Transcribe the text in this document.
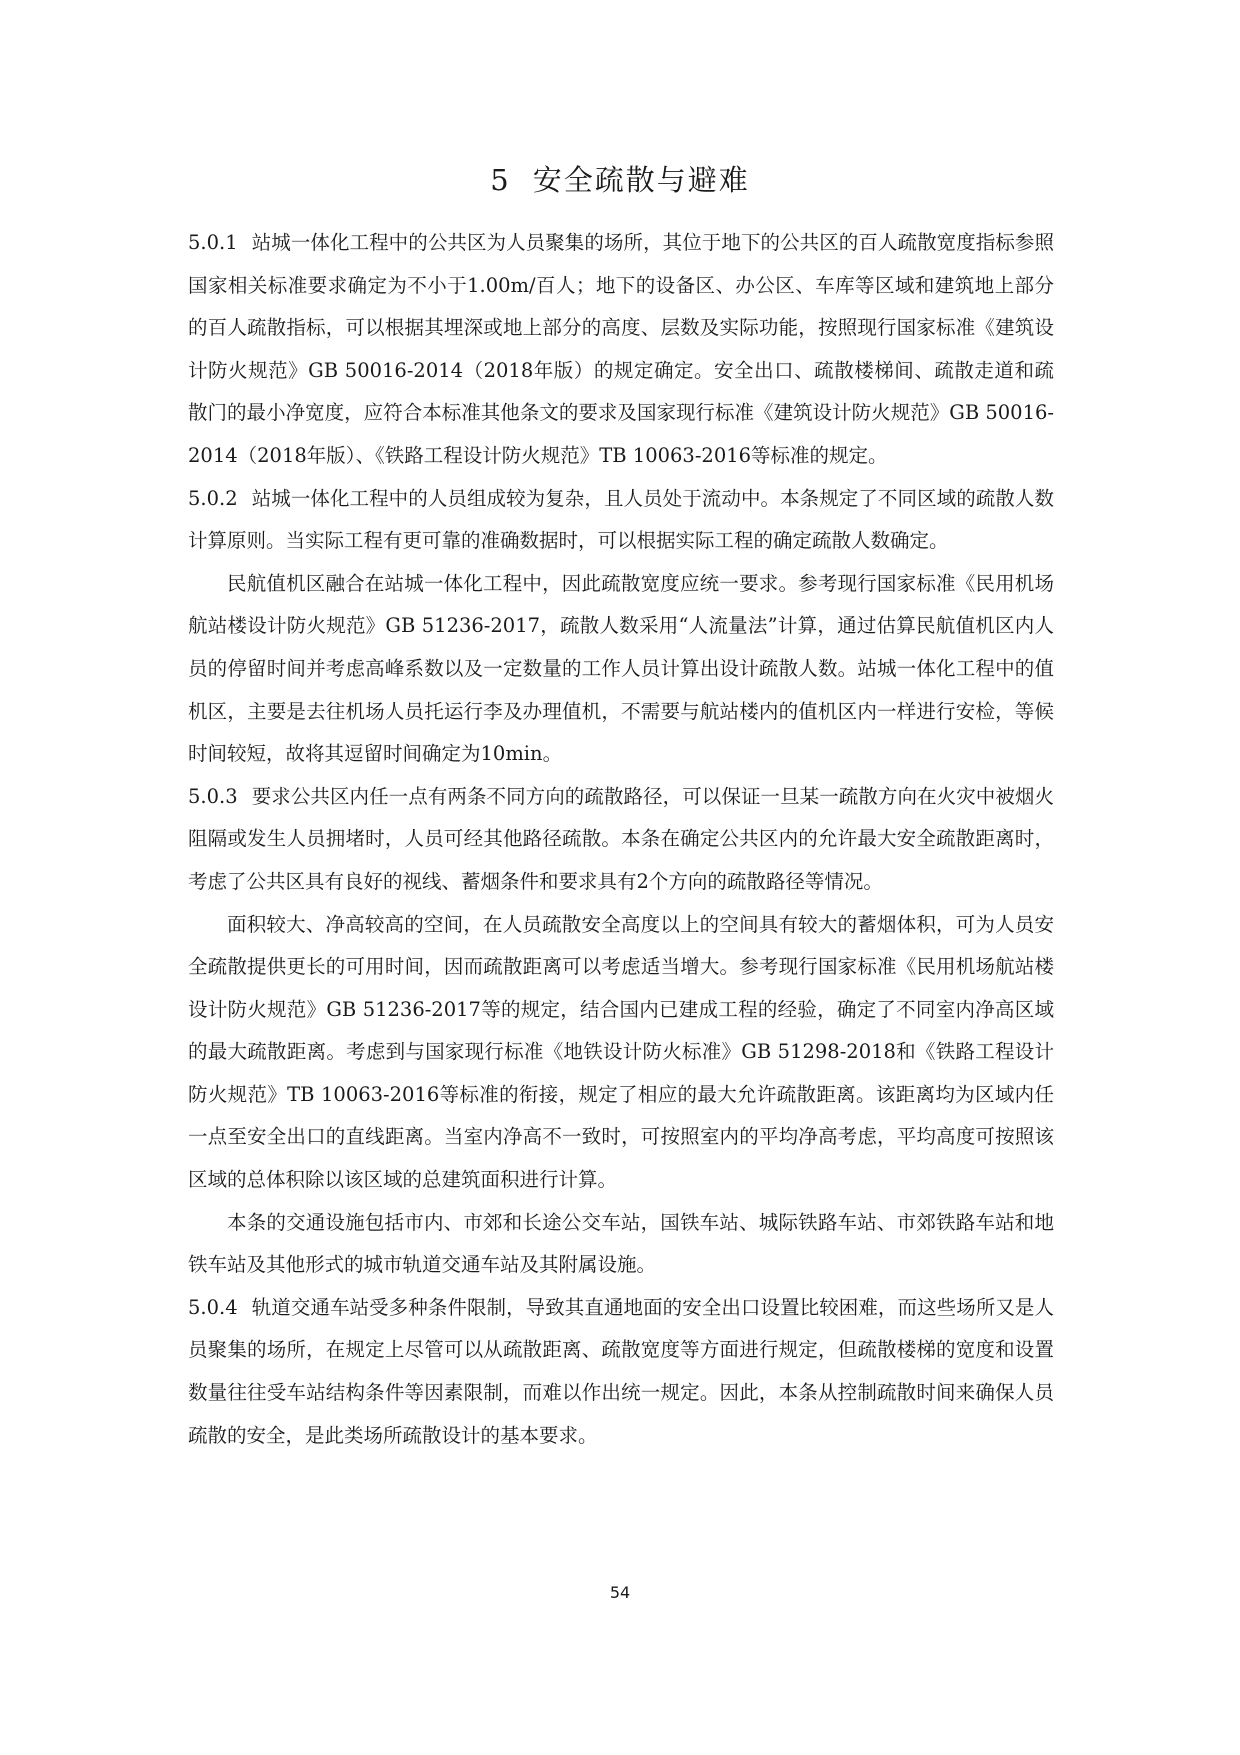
5 安全疏散与避难

5.0.1 站城一体化工程中的公共区为人员聚集的场所，其位于地下的公共区的百人疏散宽度指标参照国家相关标准要求确定为不小于1.00m/百人；地下的设备区、办公区、车库等区域和建筑地上部分的百人疏散指标，可以根据其埋深或地上部分的高度、层数及实际功能，按照现行国家标准《建筑设计防火规范》GB 50016-2014（2018年版）的规定确定。安全出口、疏散楼梯间、疏散走道和疏散门的最小净宽度，应符合本标准其他条文的要求及国家现行标准《建筑设计防火规范》GB 50016-2014（2018年版）、《铁路工程设计防火规范》TB 10063-2016等标准的规定。

5.0.2 站城一体化工程中的人员组成较为复杂，且人员处于流动中。本条规定了不同区域的疏散人数计算原则。当实际工程有更可靠的准确数据时，可以根据实际工程的确定疏散人数确定。

民航值机区融合在站城一体化工程中，因此疏散宽度应统一要求。参考现行国家标准《民用机场航站楼设计防火规范》GB 51236-2017，疏散人数采用“人流量法”计算，通过估算民航值机区内人员的停留时间并考虑高峰系数以及一定数量的工作人员计算出设计疏散人数。站城一体化工程中的值机区，主要是去往机场人员托运行李及办理值机，不需要与航站楼内的值机区内一样进行安检，等候时间较短，故将其逗留时间确定为10min。

5.0.3 要求公共区内任一点有两条不同方向的疏散路径，可以保证一旦某一疏散方向在火灾中被烟火阻隔或发生人员拥堵时，人员可经其他路径疏散。本条在确定公共区内的允许最大安全疏散距离时，考虑了公共区具有良好的视线、蓄烟条件和要求具有2个方向的疏散路径等情况。

面积较大、净高较高的空间，在人员疏散安全高度以上的空间具有较大的蓄烟体积，可为人员安全疏散提供更长的可用时间，因而疏散距离可以考虑适当增大。参考现行国家标准《民用机场航站楼设计防火规范》GB 51236-2017等的规定，结合国内已建成工程的经验，确定了不同室内净高区域的最大疏散距离。考虑到与国家现行标准《地铁设计防火标准》GB 51298-2018和《铁路工程设计防火规范》TB 10063-2016等标准的衔接，规定了相应的最大允许疏散距离。该距离均为区域内任一点至安全出口的直线距离。当室内净高不一致时，可按照室内的平均净高考虑，平均高度可按照该区域的总体积除以该区域的总建筑面积进行计算。

本条的交通设施包括市内、市郊和长途公交车站，国铁车站、城际铁路车站、市郊铁路车站和地铁车站及其他形式的城市轨道交通车站及其附属设施。

5.0.4 轨道交通车站受多种条件限制，导致其直通地面的安全出口设置比较困难，而这些场所又是人员聚集的场所，在规定上尽管可以从疏散距离、疏散宽度等方面进行规定，但疏散楼梯的宽度和设置数量往往受车站结构条件等因素限制，而难以作出统一规定。因此，本条从控制疏散时间来确保人员疏散的安全，是此类场所疏散设计的基本要求。

54
